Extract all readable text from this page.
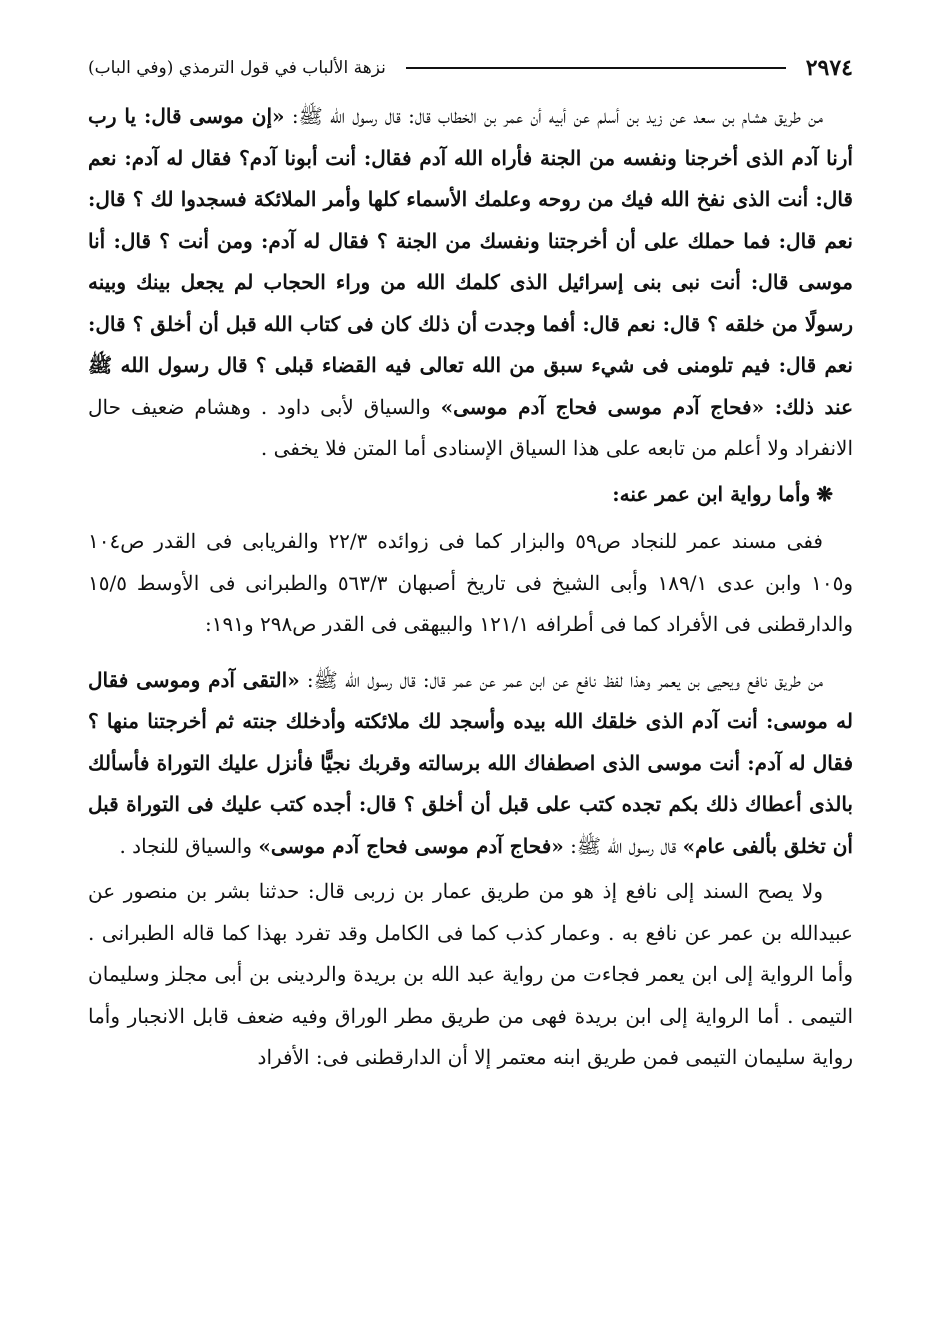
٢٩٧٤
نزهة الألباب في قول الترمذي (وفي الباب)

من طريق هشام بن سعد عن زيد بن أسلم عن أبيه أن عمر بن الخطاب قال: قال رسول الله ﷺ: «إن موسى قال: يا رب أرنا آدم الذى أخرجنا ونفسه من الجنة فأراه الله آدم فقال: أنت أبونا آدم؟ فقال له آدم: نعم قال: أنت الذى نفخ الله فيك من روحه وعلمك الأسماء كلها وأمر الملائكة فسجدوا لك ؟ قال: نعم قال: فما حملك على أن أخرجتنا ونفسك من الجنة ؟ فقال له آدم: ومن أنت ؟ قال: أنا موسى قال: أنت نبى بنى إسرائيل الذى كلمك الله من وراء الحجاب لم يجعل بينك وبينه رسولًا من خلقه ؟ قال: نعم قال: أفما وجدت أن ذلك كان فى كتاب الله قبل أن أخلق ؟ قال: نعم قال: فيم تلومنى فى شيء سبق من الله تعالى فيه القضاء قبلى ؟ قال رسول الله ﷺ عند ذلك: «فحاج آدم موسى فحاج آدم موسى» والسياق لأبى داود . وهشام ضعيف حال الانفراد ولا أعلم من تابعه على هذا السياق الإسنادى أما المتن فلا يخفى .

❋وأما رواية ابن عمر عنه:

ففى مسند عمر للنجاد ص٥٩ والبزار كما فى زوائده ٢٢/٣ والفريابى فى القدر ص١٠٤ و١٠٥ وابن عدى ١٨٩/١ وأبى الشيخ فى تاريخ أصبهان ٥٦٣/٣ والطبرانى فى الأوسط ١٥/٥ والدارقطنى فى الأفراد كما فى أطرافه ١٢١/١ والبيهقى فى القدر ص٢٩٨ و١٩١:

من طريق نافع ويحيى بن يعمر وهذا لفظ نافع عن ابن عمر عن عمر قال: قال رسول الله ﷺ: «التقى آدم وموسى فقال له موسى: أنت آدم الذى خلقك الله بيده وأسجد لك ملائكته وأدخلك جنته ثم أخرجتنا منها ؟ فقال له آدم: أنت موسى الذى اصطفاك الله برسالته وقربك نجيًّا فأنزل عليك التوراة فأسألك بالذى أعطاك ذلك بكم تجده كتب على قبل أن أخلق ؟ قال: أجده كتب عليك فى التوراة قبل أن تخلق بألفى عام» قال رسول الله ﷺ: «فحاج آدم موسى فحاج آدم موسى» والسياق للنجاد .

ولا يصح السند إلى نافع إذ هو من طريق عمار بن زربى قال: حدثنا بشر بن منصور عن عبيدالله بن عمر عن نافع به . وعمار كذب كما فى الكامل وقد تفرد بهذا كما قاله الطبرانى . وأما الرواية إلى ابن يعمر فجاءت من رواية عبد الله بن بريدة والردينى بن أبى مجلز وسليمان التيمى . أما الرواية إلى ابن بريدة فهى من طريق مطر الوراق وفيه ضعف قابل الانجبار وأما رواية سليمان التيمى فمن طريق ابنه معتمر إلا أن الدارقطنى فى: الأفراد
